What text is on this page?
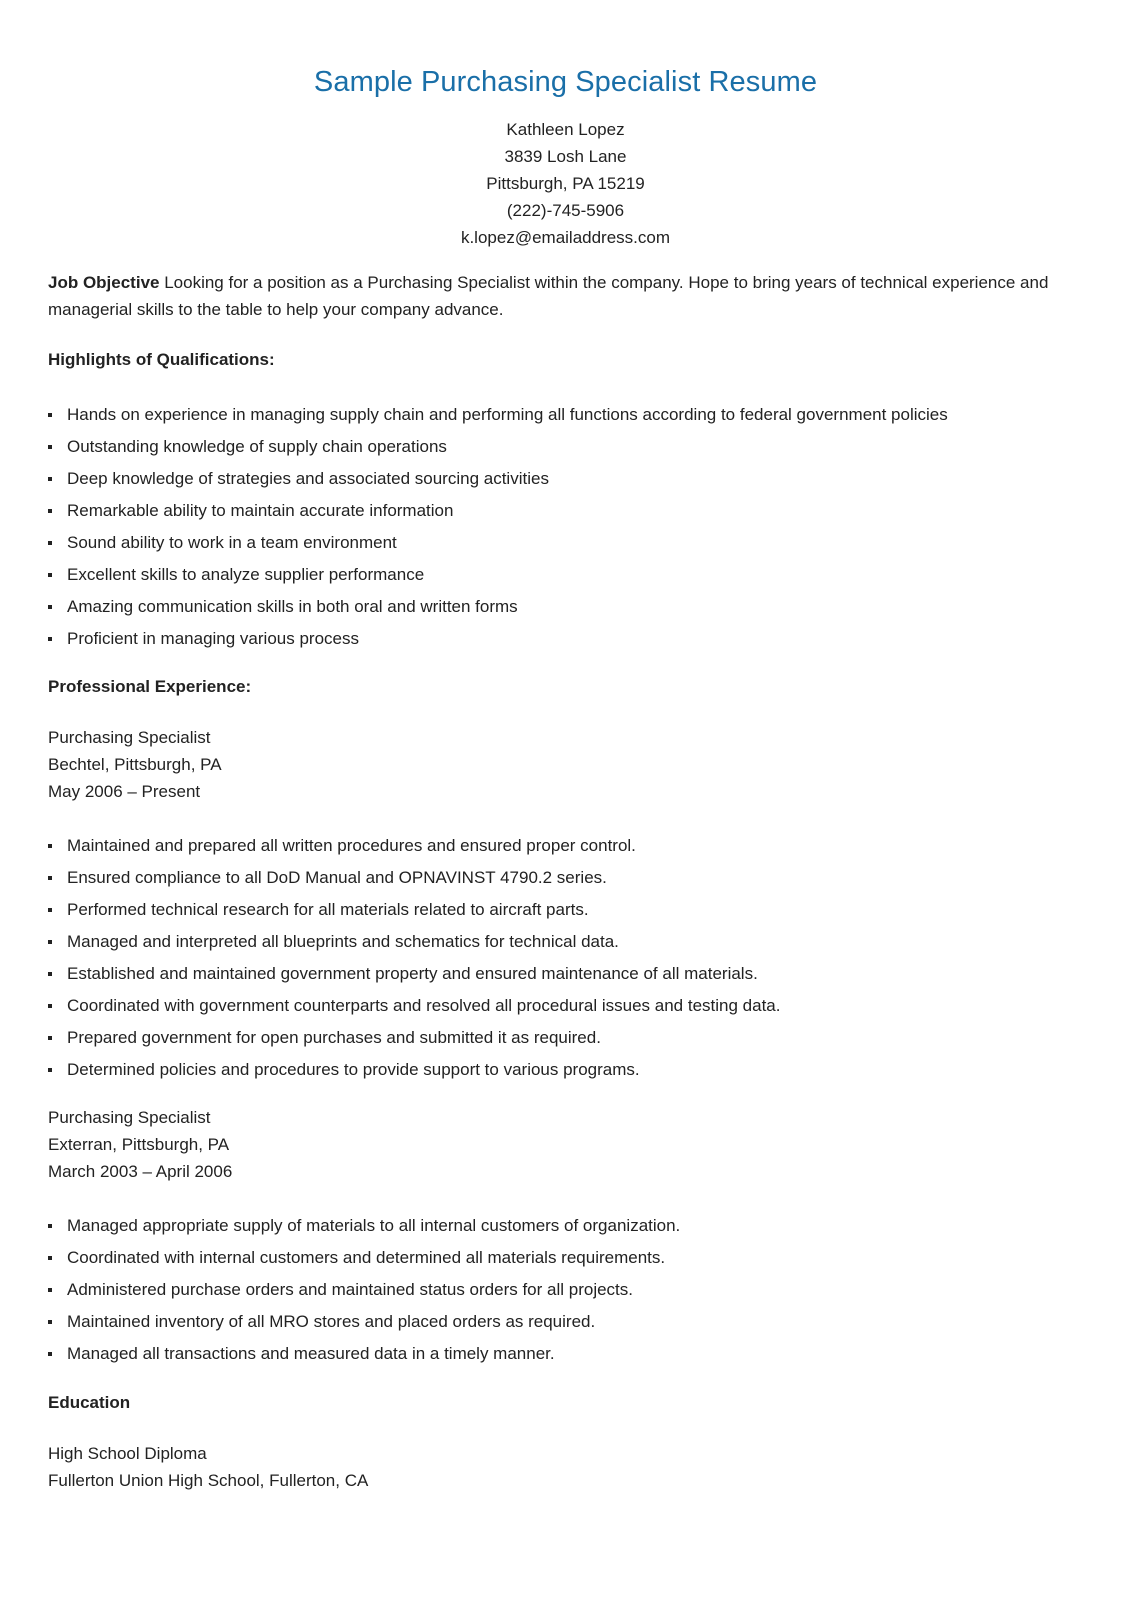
Sample Purchasing Specialist Resume
Kathleen Lopez
3839 Losh Lane
Pittsburgh, PA 15219
(222)-745-5906
k.lopez@emailaddress.com
Job Objective Looking for a position as a Purchasing Specialist within the company. Hope to bring years of technical experience and managerial skills to the table to help your company advance.
Highlights of Qualifications:
Hands on experience in managing supply chain and performing all functions according to federal government policies
Outstanding knowledge of supply chain operations
Deep knowledge of strategies and associated sourcing activities
Remarkable ability to maintain accurate information
Sound ability to work in a team environment
Excellent skills to analyze supplier performance
Amazing communication skills in both oral and written forms
Proficient in managing various process
Professional Experience:
Purchasing Specialist
Bechtel, Pittsburgh, PA
May 2006 – Present
Maintained and prepared all written procedures and ensured proper control.
Ensured compliance to all DoD Manual and OPNAVINST 4790.2 series.
Performed technical research for all materials related to aircraft parts.
Managed and interpreted all blueprints and schematics for technical data.
Established and maintained government property and ensured maintenance of all materials.
Coordinated with government counterparts and resolved all procedural issues and testing data.
Prepared government for open purchases and submitted it as required.
Determined policies and procedures to provide support to various programs.
Purchasing Specialist
Exterran, Pittsburgh, PA
March 2003 – April 2006
Managed appropriate supply of materials to all internal customers of organization.
Coordinated with internal customers and determined all materials requirements.
Administered purchase orders and maintained status orders for all projects.
Maintained inventory of all MRO stores and placed orders as required.
Managed all transactions and measured data in a timely manner.
Education
High School Diploma
Fullerton Union High School, Fullerton, CA
